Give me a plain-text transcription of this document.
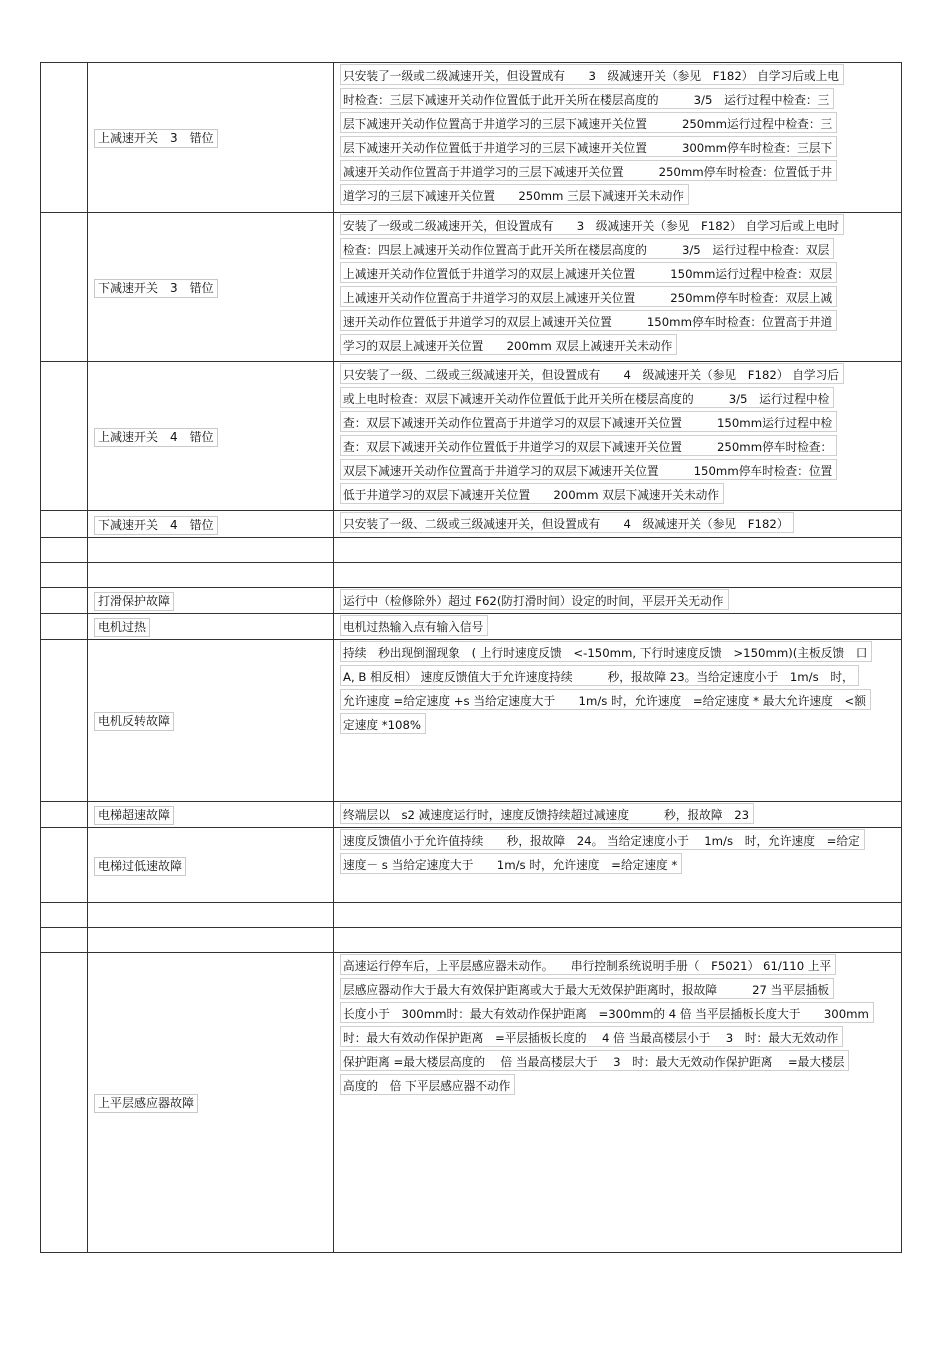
	上减速开关　3　错位	只安装了一级或二级减速开关，但设置成有　　3　级减速开关（参见　F182） 自学习后或上电时检查：三层下减速开关动作位置低于此开关所在楼层高度的　　　3/5　运行过程中检查：三层下减速开关动作位置高于井道学习的三层下减速开关位置　　　250mm运行过程中检查：三层下减速开关动作位置低于井道学习的三层下减速开关位置　　　300mm停车时检查：三层下减速开关动作位置高于井道学习的三层下减速开关位置　　　250mm停车时检查：位置低于井道学习的三层下减速开关位置　　250mm 三层下减速开关未动作

	下减速开关　3　错位	安装了一级或二级减速开关，但设置成有　　3　级减速开关（参见　F182） 自学习后或上电时检查：四层上减速开关动作位置高于此开关所在楼层高度的　　　3/5　运行过程中检查：双层上减速开关动作位置低于井道学习的双层上减速开关位置　　　150mm运行过程中检查：双层上减速开关动作位置高于井道学习的双层上减速开关位置　　　250mm停车时检查：双层上减速开关动作位置低于井道学习的双层上减速开关位置　　　150mm停车时检查：位置高于井道学习的双层上减速开关位置　　200mm 双层上减速开关未动作

	上减速开关　4　错位	只安装了一级、二级或三级减速开关，但设置成有　　4　级减速开关（参见　F182） 自学习后或上电时检查：双层下减速开关动作位置低于此开关所在楼层高度的　　　3/5　运行过程中检查：双层下减速开关动作位置高于井道学习的双层下减速开关位置　　　150mm运行过程中检查：双层下减速开关动作位置低于井道学习的双层下减速开关位置　　　250mm停车时检查：双层下减速开关动作位置高于井道学习的双层下减速开关位置　　　150mm停车时检查：位置低于井道学习的双层下减速开关位置　　200mm 双层下减速开关未动作

	下减速开关　4　错位	只安装了一级、二级或三级减速开关，但设置成有　　4　级减速开关（参见　F182）

	打滑保护故障	运行中（检修除外）超过 F62(防打滑时间）设定的时间，平层开关无动作

	电机过热	电机过热输入点有输入信号

	电机反转故障	持续　秒出现倒溜现象　( 上行时速度反馈　<-150mm, 下行时速度反馈　>150mm)(主板反馈　口A, B 相反相） 速度反馈值大于允许速度持续　　　秒，报故障 23。当给定速度小于　1m/s　时，允许速度 =给定速度 +s 当给定速度大于　　1m/s 时，允许速度　=给定速度 * 最大允许速度　<额定速度 *108%

	电梯超速故障	终端层以　s2 减速度运行时，速度反馈持续超过减速度　　　秒，报故障　23

	电梯过低速故障	速度反馈值小于允许值持续　　秒，报故障　24。 当给定速度小于　 1m/s　时，允许速度　=给定速度－ s 当给定速度大于　　1m/s 时，允许速度　=给定速度 *

	上平层感应器故障	高速运行停车后，上平层感应器未动作。　　串行控制系统说明手册（　F5021） 61/110 上平层感应器动作大于最大有效保护距离或大于最大无效保护距离时，报故障　　　27 当平层插板长度小于　300mm时：最大有效动作保护距离　=300mm的 4 倍 当平层插板长度大于　　300mm时：最大有效动作保护距离　=平层插板长度的　 4 倍 当最高楼层小于　 3　时：最大无效动作保护距离 =最大楼层高度的　 倍 当最高楼层大于　 3　时：最大无效动作保护距离　 =最大楼层高度的　倍 下平层感应器不动作
